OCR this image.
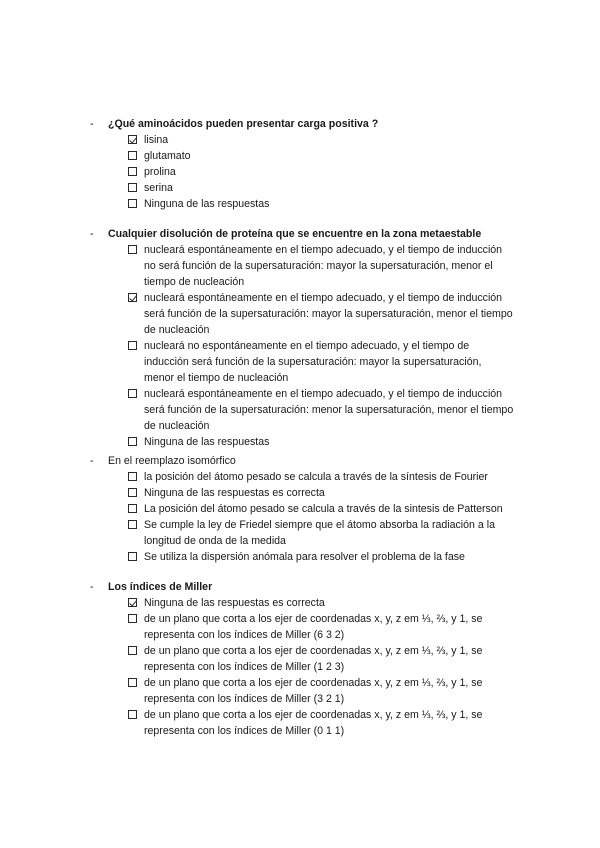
- ¿Qué aminoácidos pueden presentar carga positiva ?
lisina
glutamato
prolina
serina
Ninguna de las respuestas
- Cualquier disolución de proteína que se encuentre en la zona metaestable
nucleará espontáneamente en el tiempo adecuado, y el tiempo de inducción no será función de la supersaturación: mayor la supersaturación, menor el tiempo de nucleación
nucleará espontáneamente en el tiempo adecuado, y el tiempo de inducción será función de la supersaturación: mayor la supersaturación, menor el tiempo de nucleación
nucleará no espontáneamente en el tiempo adecuado, y el tiempo de inducción será función de la supersaturación: mayor la supersaturación, menor el tiempo de nucleación
nucleará espontáneamente en el tiempo adecuado, y el tiempo de inducción será función de la supersaturación: menor la supersaturación, menor el tiempo de nucleación
Ninguna de las respuestas
- En el reemplazo isomórfico
la posición del átomo pesado se calcula a través de la síntesis de Fourier
Ninguna de las respuestas es correcta
La posición del átomo pesado se calcula a través de la sintesis de Patterson
Se cumple la ley de Friedel siempre que el átomo absorba la radiación a la longitud de onda de la medida
Se utiliza la dispersión anómala para resolver el problema de la fase
- Los índices de Miller
Ninguna de las respuestas es correcta
de un plano que corta a los ejer de coordenadas x, y, z em ⅓, ⅔, y 1, se representa con los índices de Miller (6 3 2)
de un plano que corta a los ejer de coordenadas x, y, z em ⅓, ⅔, y 1, se representa con los índices de Miller (1 2 3)
de un plano que corta a los ejer de coordenadas x, y, z em ⅓, ⅔, y 1, se representa con los índices de Miller (3 2 1)
de un plano que corta a los ejer de coordenadas x, y, z em ⅓, ⅔, y 1, se representa con los índices de Miller (0 1 1)
